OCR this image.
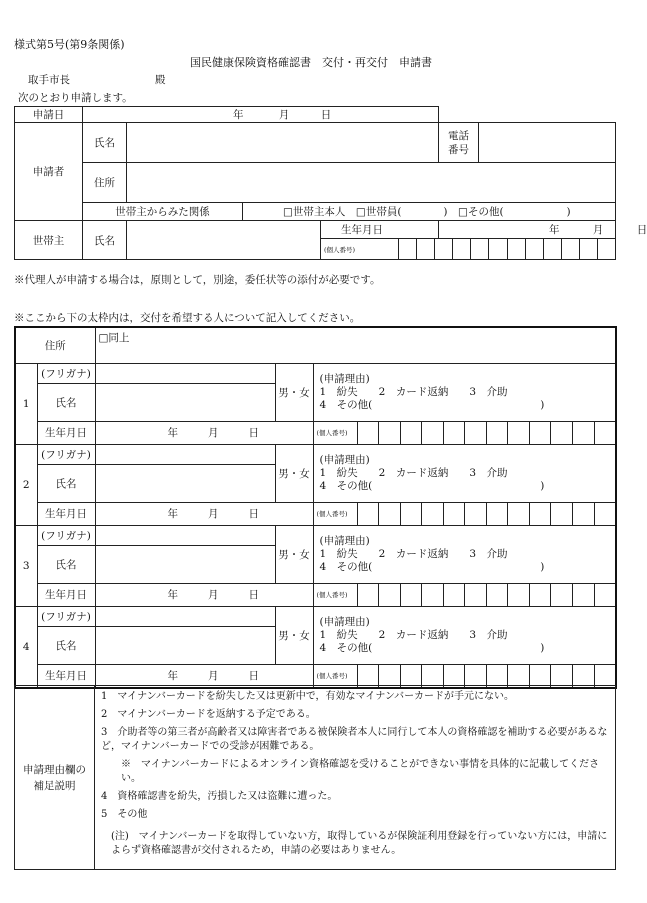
様式第5号(第9条関係)
国民健康保険資格確認書　交付・再交付　申請書
取手市長	殿
次のとおり申請します。
申請日	年 月 日					
申請者	氏名				電話
番号	

	住所					
	世帯主からみた関係		□世帯主本人　□世帯員(　　　　)　□その他(　　　　　　)			
世帯主	氏名			生年月日	年 月 日	

(個人番号)		
※代理人が申請する場合は，原則として，別途，委任状等の添付が必要です。
※ここから下の太枠内は，交付を希望する人について記入してください。
住所		□同上		
1	(フリガナ)		男・女	(申請理由)
1　紛失　　2　カード返納　　3　介助
4　その他(　　　　　　　　　　　　　　　　)

	氏名			
	生年月日	年 月 日		(個人番号)

2	(フリガナ)		男・女	(申請理由)
1　紛失　　2　カード返納　　3　介助
4　その他(　　　　　　　　　　　　　　　　)

	氏名			
	生年月日	年 月 日		(個人番号)

3	(フリガナ)		男・女	(申請理由)
1　紛失　　2　カード返納　　3　介助
4　その他(　　　　　　　　　　　　　　　　)

	氏名			
	生年月日	年 月 日		(個人番号)

4	(フリガナ)		男・女	(申請理由)
1　紛失　　2　カード返納　　3　介助
4　その他(　　　　　　　　　　　　　　　　)

	氏名			
	生年月日	年 月 日		(個人番号)
申請理由欄の
補足説明

1　マイナンバーカードを紛失した又は更新中で，有効なマイナンバーカードが手元にない。

2　マイナンバーカードを返納する予定である。

3　介助者等の第三者が高齢者又は障害者である被保険者本人に同行して本人の資格確認を補助する必要があるなど，マイナンバーカードでの受診が困難である。

※　マイナンバーカードによるオンライン資格確認を受けることができない事情を具体的に記載してください。

4　資格確認書を紛失，汚損した又は盗難に遭った。

5　その他

(注)　マイナンバーカードを取得していない方，取得しているが保険証利用登録を行っていない方には，申請によらず資格確認書が交付されるため，申請の必要はありません。
